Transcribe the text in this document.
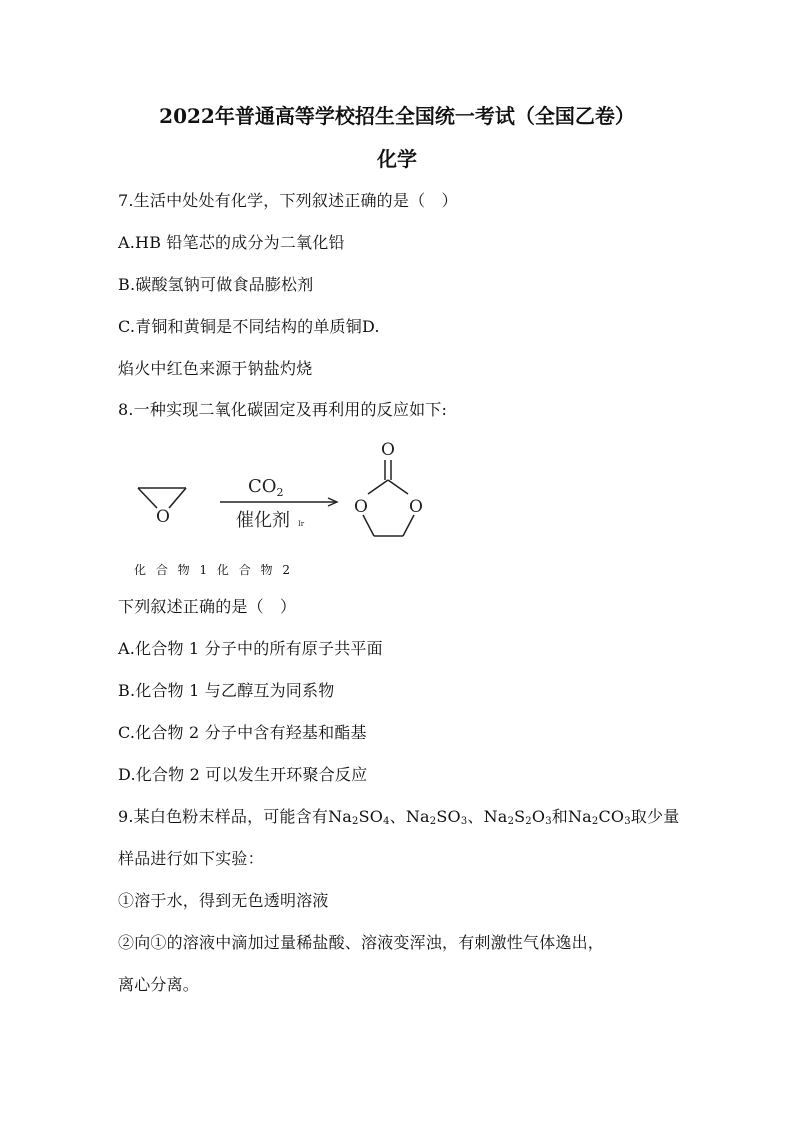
2022年普通高等学校招生全国统一考试（全国乙卷）
化学
7.生活中处处有化学，下列叙述正确的是（　）
A.HB 铅笔芯的成分为二氧化铅
B.碳酸氢钠可做食品膨松剂
C.青铜和黄铜是不同结构的单质铜D.
焰火中红色来源于钠盐灼烧
8.一种实现二氧化碳固定及再利用的反应如下:
O
$CO_2$
催化剂 Ir
O
O O
化 合 物 1 化 合 物 2
下列叙述正确的是（　）
A.化合物 1 分子中的所有原子共平面
B.化合物 1 与乙醇互为同系物
C.化合物 2 分子中含有羟基和酯基
D.化合物 2 可以发生开环聚合反应
9.某白色粉末样品，可能含有$Na_2SO_4$、$Na_2SO_3$、$Na_2S_2O_3$和$Na_2CO_3$取少量
样品进行如下实验：
①溶于水，得到无色透明溶液
②向①的溶液中滴加过量稀盐酸、溶液变浑浊，有刺激性气体逸出，
离心分离。
